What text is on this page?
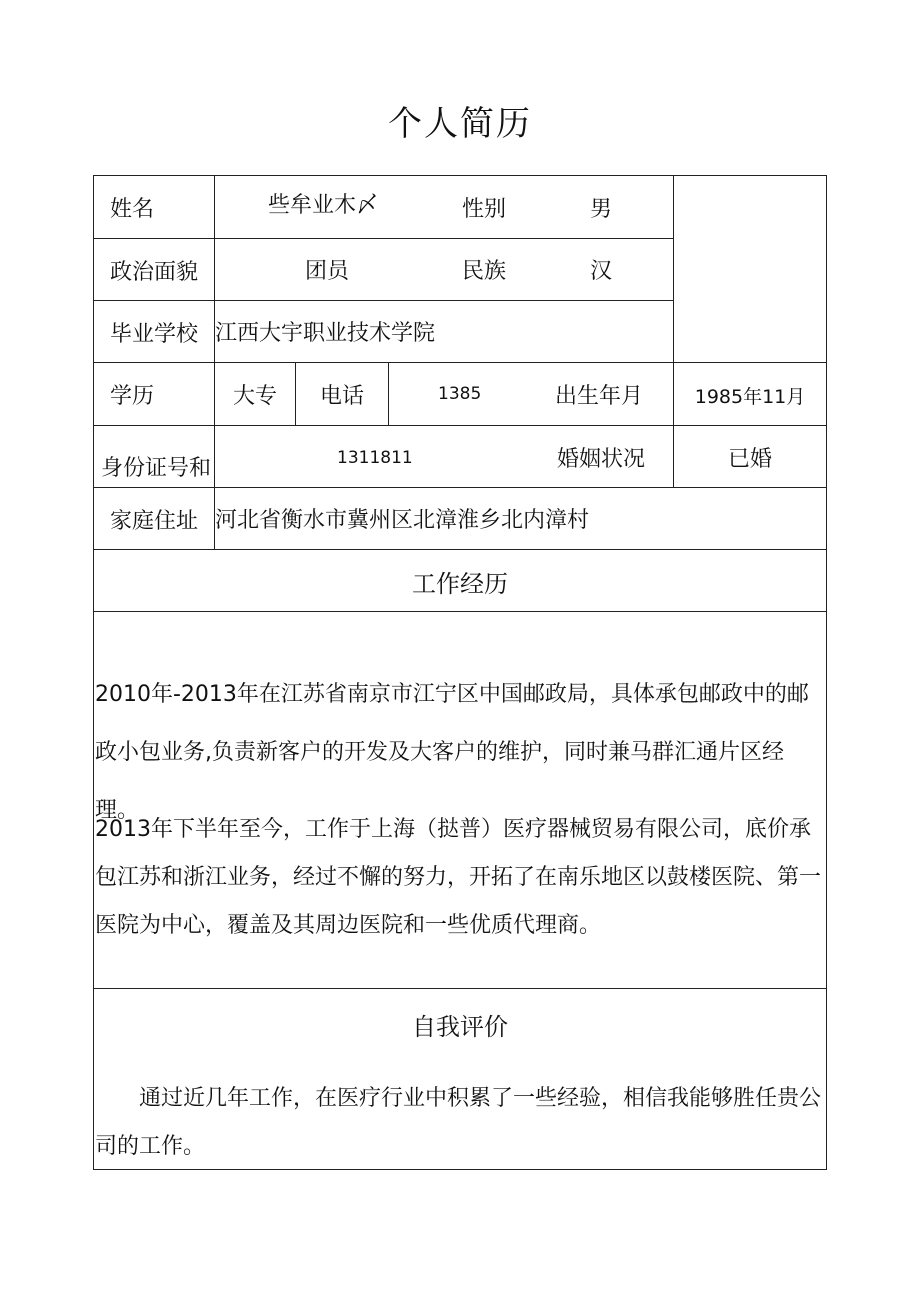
个人简历
姓名	些牟业木〆	性别	男
政治面貌	团员	民族	汉
毕业学校 江西大宇职业技术学院
学历	大专 电话	1385	出生年月	1985年11月
身份证号和	1311811	婚姻状况	已婚
家庭住址 河北省衡水市冀州区北漳淮乡北内漳村
工作经历
2010年-2013年在江苏省南京市江宁区中国邮政局，具体承包邮政中的邮政小包业务,负责新客户的开发及大客户的维护，同时兼马群汇通片区经理。
2013年下半年至今，工作于上海（挞普）医疗器械贸易有限公司，底价承包江苏和浙江业务，经过不懈的努力，开拓了在南乐地区以鼓楼医院、第一医院为中心，覆盖及其周边医院和一些优质代理商。
自我评价
　　通过近几年工作，在医疗行业中积累了一些经验，相信我能够胜任贵公司的工作。
